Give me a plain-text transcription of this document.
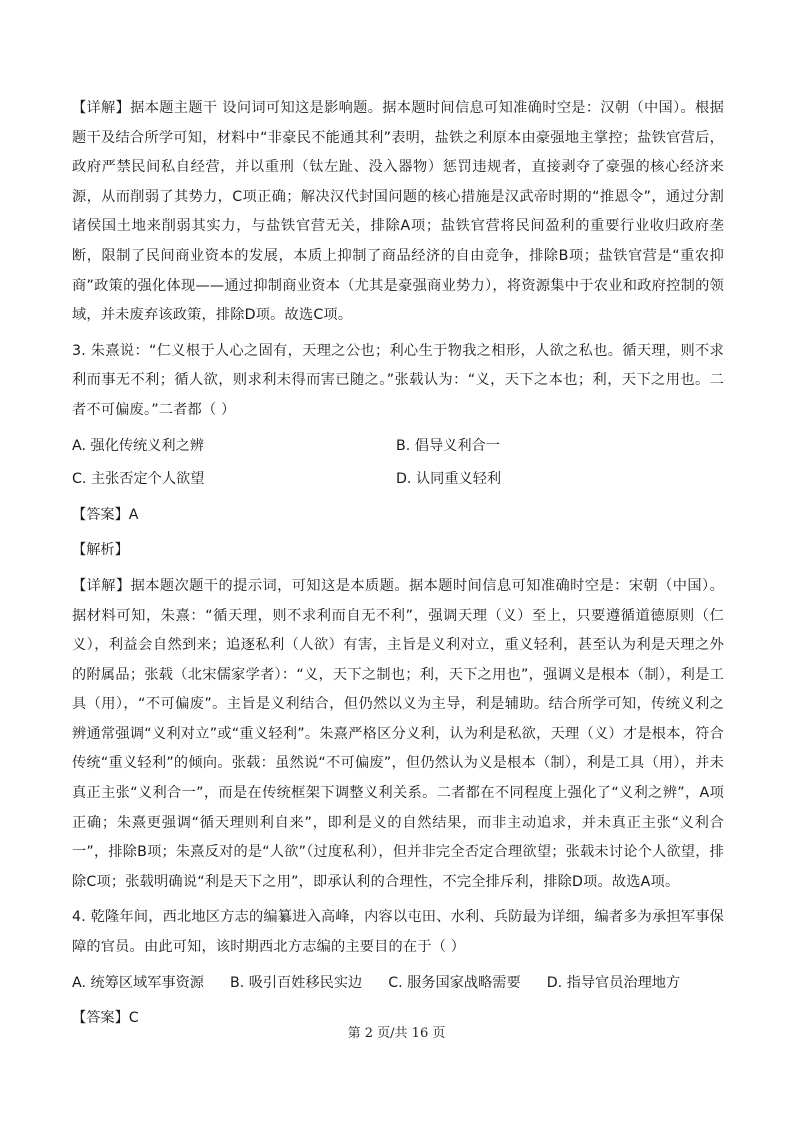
【详解】据本题主题干 设问词可知这是影响题。据本题时间信息可知准确时空是：汉朝（中国）。根据题干及结合所学可知，材料中“非豪民不能通其利”表明，盐铁之利原本由豪强地主掌控；盐铁官营后，政府严禁民间私自经营，并以重刑（钛左趾、没入器物）惩罚违规者，直接剥夺了豪强的核心经济来源，从而削弱了其势力，C项正确；解决汉代封国问题的核心措施是汉武帝时期的“推恩令”，通过分割诸侯国土地来削弱其实力，与盐铁官营无关，排除A项；盐铁官营将民间盈利的重要行业收归政府垄断，限制了民间商业资本的发展，本质上抑制了商品经济的自由竞争，排除B项；盐铁官营是“重农抑商”政策的强化体现——通过抑制商业资本（尤其是豪强商业势力），将资源集中于农业和政府控制的领域，并未废弃该政策，排除D项。故选C项。

3. 朱熹说：“仁义根于人心之固有，天理之公也；利心生于物我之相形，人欲之私也。循天理，则不求利而事无不利；循人欲，则求利未得而害已随之。”张载认为：“义，天下之本也；利，天下之用也。二者不可偏废。”二者都（ ）

A. 强化传统义利之辨	B. 倡导义利合一
C. 主张否定个人欲望	D. 认同重义轻利

【答案】A

【解析】

【详解】据本题次题干的提示词，可知这是本质题。据本题时间信息可知准确时空是：宋朝（中国）。据材料可知，朱熹：“循天理，则不求利而自无不利”，强调天理（义）至上，只要遵循道德原则（仁义），利益会自然到来；追逐私利（人欲）有害，主旨是义利对立，重义轻利，甚至认为利是天理之外的附属品；张载（北宋儒家学者）：“义，天下之制也；利，天下之用也”，强调义是根本（制），利是工具（用），“不可偏废”。主旨是义利结合，但仍然以义为主导，利是辅助。结合所学可知，传统义利之辨通常强调“义利对立”或“重义轻利”。朱熹严格区分义利，认为利是私欲，天理（义）才是根本，符合传统“重义轻利”的倾向。张载：虽然说“不可偏废”，但仍然认为义是根本（制），利是工具（用），并未真正主张“义利合一”，而是在传统框架下调整义利关系。二者都在不同程度上强化了“义利之辨”，A项正确；朱熹更强调“循天理则利自来”，即利是义的自然结果，而非主动追求，并未真正主张“义利合一”，排除B项；朱熹反对的是“人欲”（过度私利），但并非完全否定合理欲望；张载未讨论个人欲望，排除C项；张载明确说“利是天下之用”，即承认利的合理性，不完全排斥利，排除D项。故选A项。

4. 乾隆年间，西北地区方志的编纂进入高峰，内容以屯田、水利、兵防最为详细，编者多为承担军事保障的官员。由此可知，该时期西北方志编的主要目的在于（ ）

A. 统筹区域军事资源 B. 吸引百姓移民实边 C. 服务国家战略需要 D. 指导官员治理地方

【答案】C

第 2 页/共 16 页
